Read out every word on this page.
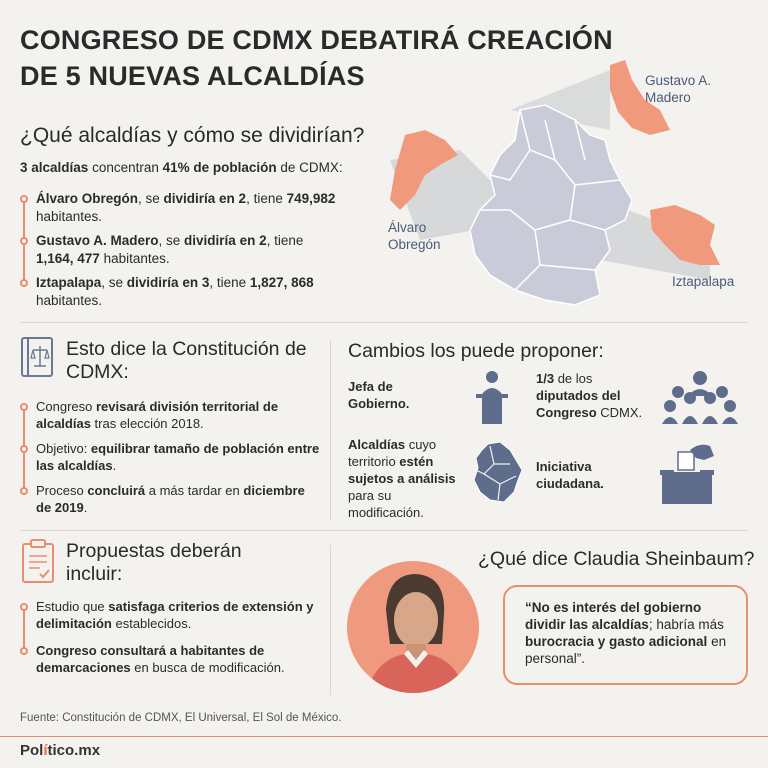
CONGRESO DE CDMX DEBATIRÁ CREACIÓN DE 5 NUEVAS ALCALDÍAS
¿Qué alcaldías y cómo se dividirían?
3 alcaldías concentran 41% de población de CDMX:
Álvaro Obregón, se dividiría en 2, tiene 749,982 habitantes.
Gustavo A. Madero, se dividiría en 2, tiene 1,164, 477 habitantes.
Iztapalapa, se dividiría en 3, tiene 1,827, 868 habitantes.
Gustavo A. Madero
Álvaro Obregón
Iztapalapa
Esto dice la Constitución de CDMX:
Congreso revisará división territorial de alcaldías tras elección 2018.
Objetivo: equilibrar tamaño de población entre las alcaldías.
Proceso concluirá a más tardar en diciembre de 2019.
Cambios los puede proponer:
Jefa de Gobierno.
1/3 de los diputados del Congreso CDMX.
Alcaldías cuyo territorio estén sujetos a análisis para su modificación.
Iniciativa ciudadana.
Propuestas deberán incluir:
Estudio que satisfaga criterios de extensión y delimitación establecidos.
Congreso consultará a habitantes de demarcaciones en busca de modificación.
¿Qué dice Claudia Sheinbaum?
“No es interés del gobierno dividir las alcaldías; habría más burocracia y gasto adicional en personal”.
Fuente: Constitución de CDMX, El Universal, El Sol de México.
Político.mx
